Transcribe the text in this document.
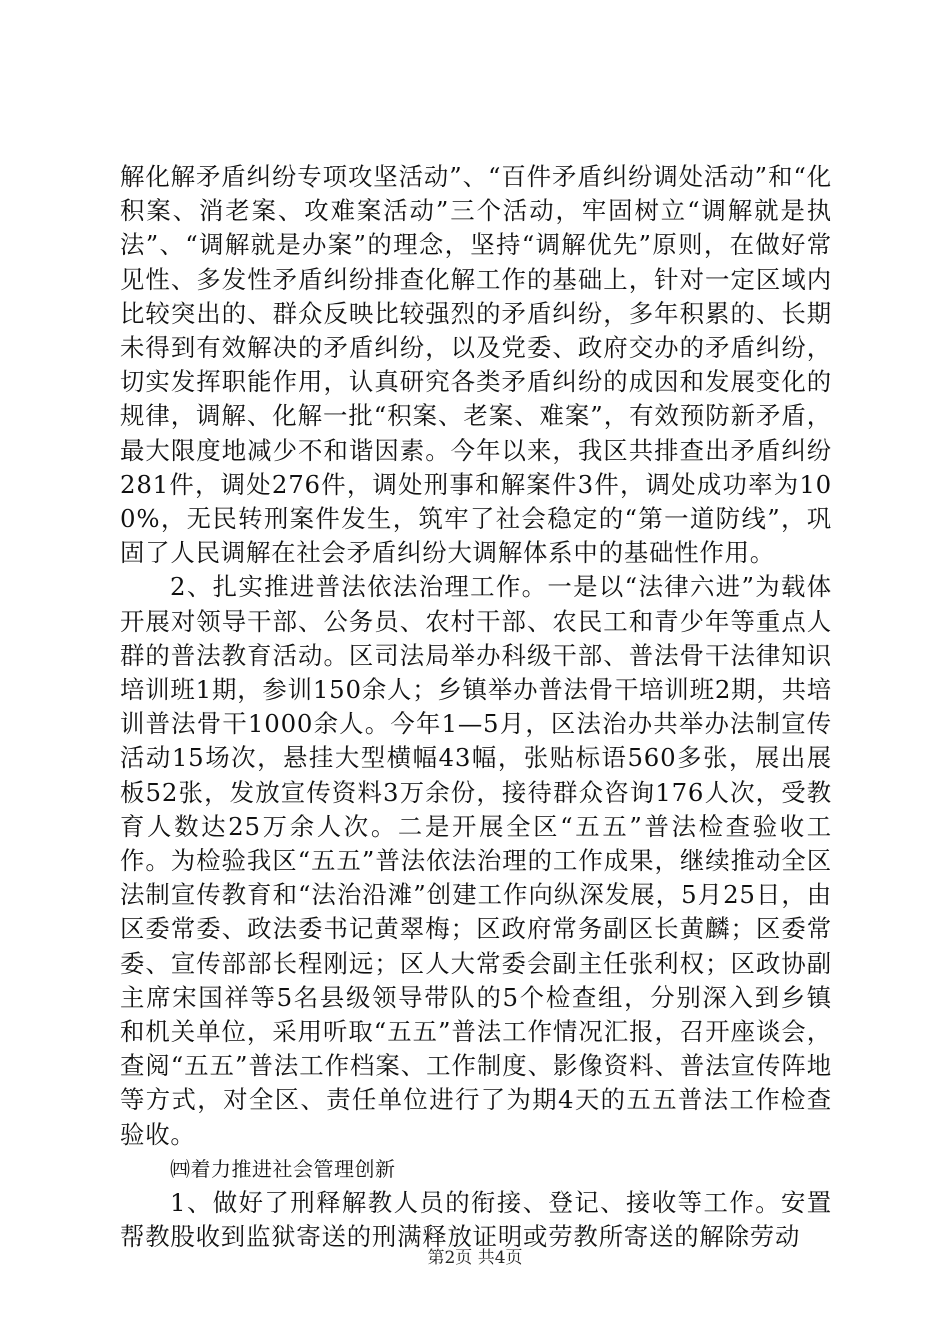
解化解矛盾纠纷专项攻坚活动”、“百件矛盾纠纷调处活动”和“化积案、消老案、攻难案活动”三个活动，牢固树立“调解就是执法”、“调解就是办案”的理念，坚持“调解优先”原则，在做好常见性、多发性矛盾纠纷排查化解工作的基础上，针对一定区域内比较突出的、群众反映比较强烈的矛盾纠纷，多年积累的、长期未得到有效解决的矛盾纠纷，以及党委、政府交办的矛盾纠纷，切实发挥职能作用，认真研究各类矛盾纠纷的成因和发展变化的规律，调解、化解一批“积案、老案、难案”，有效预防新矛盾，最大限度地减少不和谐因素。今年以来，我区共排查出矛盾纠纷281件，调处276件，调处刑事和解案件3件，调处成功率为100%，无民转刑案件发生，筑牢了社会稳定的“第一道防线”，巩固了人民调解在社会矛盾纠纷大调解体系中的基础性作用。

2、扎实推进普法依法治理工作。一是以“法律六进”为载体开展对领导干部、公务员、农村干部、农民工和青少年等重点人群的普法教育活动。区司法局举办科级干部、普法骨干法律知识培训班1期，参训150余人；乡镇举办普法骨干培训班2期，共培训普法骨干1000余人。今年1—5月，区法治办共举办法制宣传活动15场次，悬挂大型横幅43幅，张贴标语560多张，展出展板52张，发放宣传资料3万余份，接待群众咨询176人次，受教育人数达25万余人次。二是开展全区“五五”普法检查验收工作。为检验我区“五五”普法依法治理的工作成果，继续推动全区法制宣传教育和“法治沿滩”创建工作向纵深发展，5月25日，由区委常委、政法委书记黄翠梅；区政府常务副区长黄麟；区委常委、宣传部部长程刚远；区人大常委会副主任张利权；区政协副主席宋国祥等5名县级领导带队的5个检查组，分别深入到乡镇和机关单位，采用听取“五五”普法工作情况汇报，召开座谈会，查阅“五五”普法工作档案、工作制度、影像资料、普法宣传阵地等方式，对全区、责任单位进行了为期4天的五五普法工作检查验收。

㈣着力推进社会管理创新

1、做好了刑释解教人员的衔接、登记、接收等工作。安置帮教股收到监狱寄送的刑满释放证明或劳教所寄送的解除劳动

第2页 共4页
